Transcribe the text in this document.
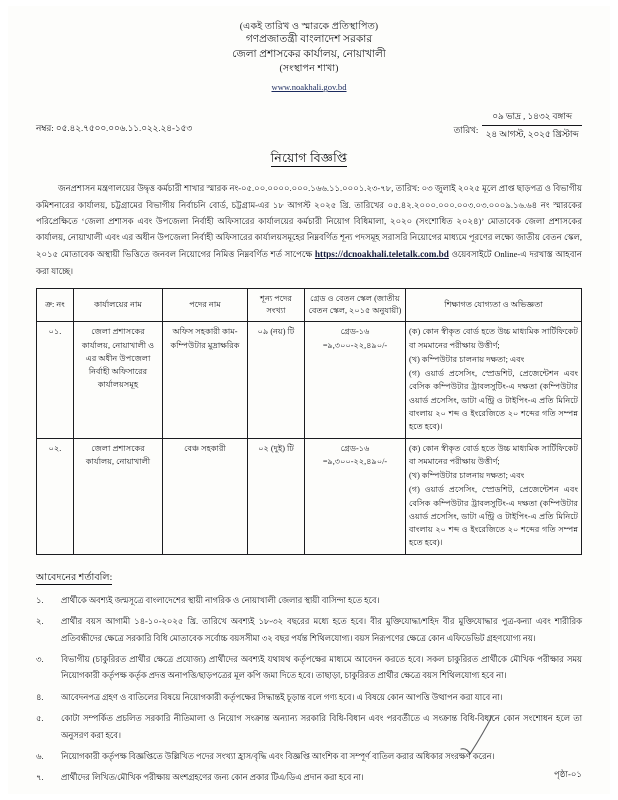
(একই তারিখ ও স্মারকে প্রতিস্থাপিত)
গণপ্রজাতন্ত্রী বাংলাদেশ সরকার
জেলা প্রশাসকের কার্যালয়, নোয়াখালী
(সংস্থাপন শাখা)
www.noakhali.gov.bd
নম্বর: ০৫.৪২.৭৫০০.০০৬.১১.০২২.২৪-১৫৩	তারিখ:
০৯ ভাদ্র , ১৪৩২ বঙ্গাব্দ
২৪ আগস্ট, ২০২৫ খ্রিস্টাব্দ
নিয়োগ বিজ্ঞপ্তি

জনপ্রশাসন মন্ত্রণালয়ের উদ্বৃত্ত কর্মচারী শাখার স্মারক নং-০৫.০০.০০০০.০০০.১৬৬.১১.০০০১.২৩-৭৮, তারিখ: ০৩ জুলাই ২০২৫ মূলে প্রাপ্ত ছাড়পত্র ও বিভাগীয় কমিশনারের কার্যালয়, চট্টগ্রামের বিভাগীয় নির্বাচনি বোর্ড, চট্টগ্রাম-এর ১৮ আগস্ট ২০২৫ খ্রি. তারিখের ০৫.৪২.২০০০.০০০.০০৩.০৩.০০০৯.১৬.৬৪ নং স্মারকের পরিপ্রেক্ষিতে ‘জেলা প্রশাসক এবং উপজেলা নির্বাহী অফিসারের কার্যালয়ের কর্মচারী নিয়োগ বিধিমালা, ২০২০ (সংশোধিত ২০২৪)’ মোতাবেক জেলা প্রশাসকের কার্যালয়, নোয়াখালী এবং এর অধীন উপজেলা নির্বাহী অফিসারের কার্যালয়সমূহের নিম্নবর্ণিত শূন্য পদসমূহ সরাসরি নিয়োগের মাধ্যমে পূরণের লক্ষ্যে জাতীয় বেতন স্কেল, ২০১৫ মোতাবেক অস্থায়ী ভিত্তিতে জনবল নিয়োগের নিমিত্ত নিম্নবর্ণিত শর্ত সাপেক্ষে https://dcnoakhali.teletalk.com.bd ওয়েবসাইটে Online-এ দরখাস্ত আহবান করা যাচ্ছে।

ক্র: নং	কার্যালয়ের নাম	পদের নাম	শূন্য পদের সংখ্যা	গ্রেড ও বেতন স্কেল (জাতীয় বেতন স্কেল, ২০১৫ অনুযায়ী)	শিক্ষাগত যোগ্যতা ও অভিজ্ঞতা
০১.	জেলা প্রশাসকের কার্যালয়, নোয়াখালী ও এর অধীন উপজেলা নির্বাহী অফিসারের কার্যালয়সমূহ	অফিস সহকারী কাম-কম্পিউটার মুদ্রাক্ষরিক	০৯ (নয়) টি	গ্রেড-১৬ =৯,৩০০-২২,৪৯০/-	(ক) কোন স্বীকৃত বোর্ড হতে উচ্চ মাধ্যমিক সার্টিফিকেট বা সমমানের পরীক্ষায় উত্তীর্ণ;

(খ) কম্পিউটার চালনায় দক্ষতা; এবং

(গ) ওয়ার্ড প্রসেসিং, স্প্রেডশিট, প্রেজেন্টেশন এবং বেসিক কম্পিউটার ট্রাবলসুটিং-এ দক্ষতা (কম্পিউটার ওয়ার্ড প্রসেসিং, ডাটা এন্ট্রি ও টাইপিং-এ প্রতি মিনিটে বাংলায় ২০ শব্দ ও ইংরেজিতে ২০ শব্দের গতি সম্পন্ন হতে হবে)।

০২.	জেলা প্রশাসকের কার্যালয়, নোয়াখালী	বেঞ্চ সহকারী	০২ (দুই) টি	গ্রেড-১৬ =৯,৩০০-২২,৪৯০/-	(ক) কোন স্বীকৃত বোর্ড হতে উচ্চ মাধ্যমিক সার্টিফিকেট বা সমমানের পরীক্ষায় উত্তীর্ণ;

(খ) কম্পিউটার চালনায় দক্ষতা; এবং

(গ) ওয়ার্ড প্রসেসিং, স্প্রেডশিট, প্রেজেন্টেশন এবং বেসিক কম্পিউটার ট্রাবলসুটিং-এ দক্ষতা (কম্পিউটার ওয়ার্ড প্রসেসিং, ডাটা এন্ট্রি ও টাইপিং-এ প্রতি মিনিটে বাংলায় ২০ শব্দ ও ইংরেজিতে ২০ শব্দের গতি সম্পন্ন হতে হবে)।

আবেদনের শর্তাবলি:
১.	প্রার্থীকে অবশ্যই জন্মসূত্রে বাংলাদেশের স্থায়ী নাগরিক ও নোয়াখালী জেলার স্থায়ী বাসিন্দা হতে হবে।
২.	প্রার্থীর বয়স আগামী ১৪-১০-২০২৫ খ্রি. তারিখে অবশ্যই ১৮-৩২ বছরের মধ্যে হতে হবে। বীর মুক্তিযোদ্ধা/শহিদ বীর মুক্তিযোদ্ধার পুত্র-কন্যা এবং শারীরিক প্রতিবন্ধীদের ক্ষেত্রে সরকারি বিধি মোতাবেক সর্বোচ্চ বয়সসীমা ৩২ বছর পর্যন্ত শিথিলযোগ্য। বয়স নিরূপণের ক্ষেত্রে কোন এফিডেভিট গ্রহণযোগ্য নয়।
৩.	বিভাগীয় (চাকুরিরত প্রার্থীর ক্ষেত্রে প্রযোজ্য) প্রার্থীদের অবশ্যই যথাযথ কর্তৃপক্ষের মাধ্যমে আবেদন করতে হবে। সকল চাকুরিরত প্রার্থীকে মৌখিক পরীক্ষার সময় নিয়োগকারী কর্তৃপক্ষ কর্তৃক প্রদত্ত অনাপত্তি/ছাড়পত্রের মূল কপি জমা দিতে হবে। তাছাড়া, চাকুরিরত প্রার্থীর ক্ষেত্রে বয়স শিথিলযোগ্য হবে না।
৪.	আবেদনপত্র গ্রহণ ও বাতিলের বিষয়ে নিয়োগকারী কর্তৃপক্ষের সিদ্ধান্তই চূড়ান্ত বলে গণ্য হবে। এ বিষয়ে কোন আপত্তি উত্থাপন করা যাবে না।
৫.	কোটা সম্পর্কিত প্রচলিত সরকারি নীতিমালা ও নিয়োগ সংক্রান্ত অন্যান্য সরকারি বিধি-বিধান এবং পরবর্তীতে এ সংক্রান্ত বিধি-বিধানে কোন সংশোধন হলে তা অনুসরণ করা হবে।
৬.	নিয়োগকারী কর্তৃপক্ষ বিজ্ঞপ্তিতে উল্লিখিত পদের সংখ্যা হ্রাস/বৃদ্ধি এবং বিজ্ঞপ্তি আংশিক বা সম্পূর্ণ বাতিল করার অধিকার সংরক্ষণ করেন।
৭.	প্রার্থীদের লিখিত/মৌখিক পরীক্ষায় অংশগ্রহণের জন্য কোন প্রকার টিএ/ডিএ প্রদান করা হবে না।	পৃষ্ঠা-০১
